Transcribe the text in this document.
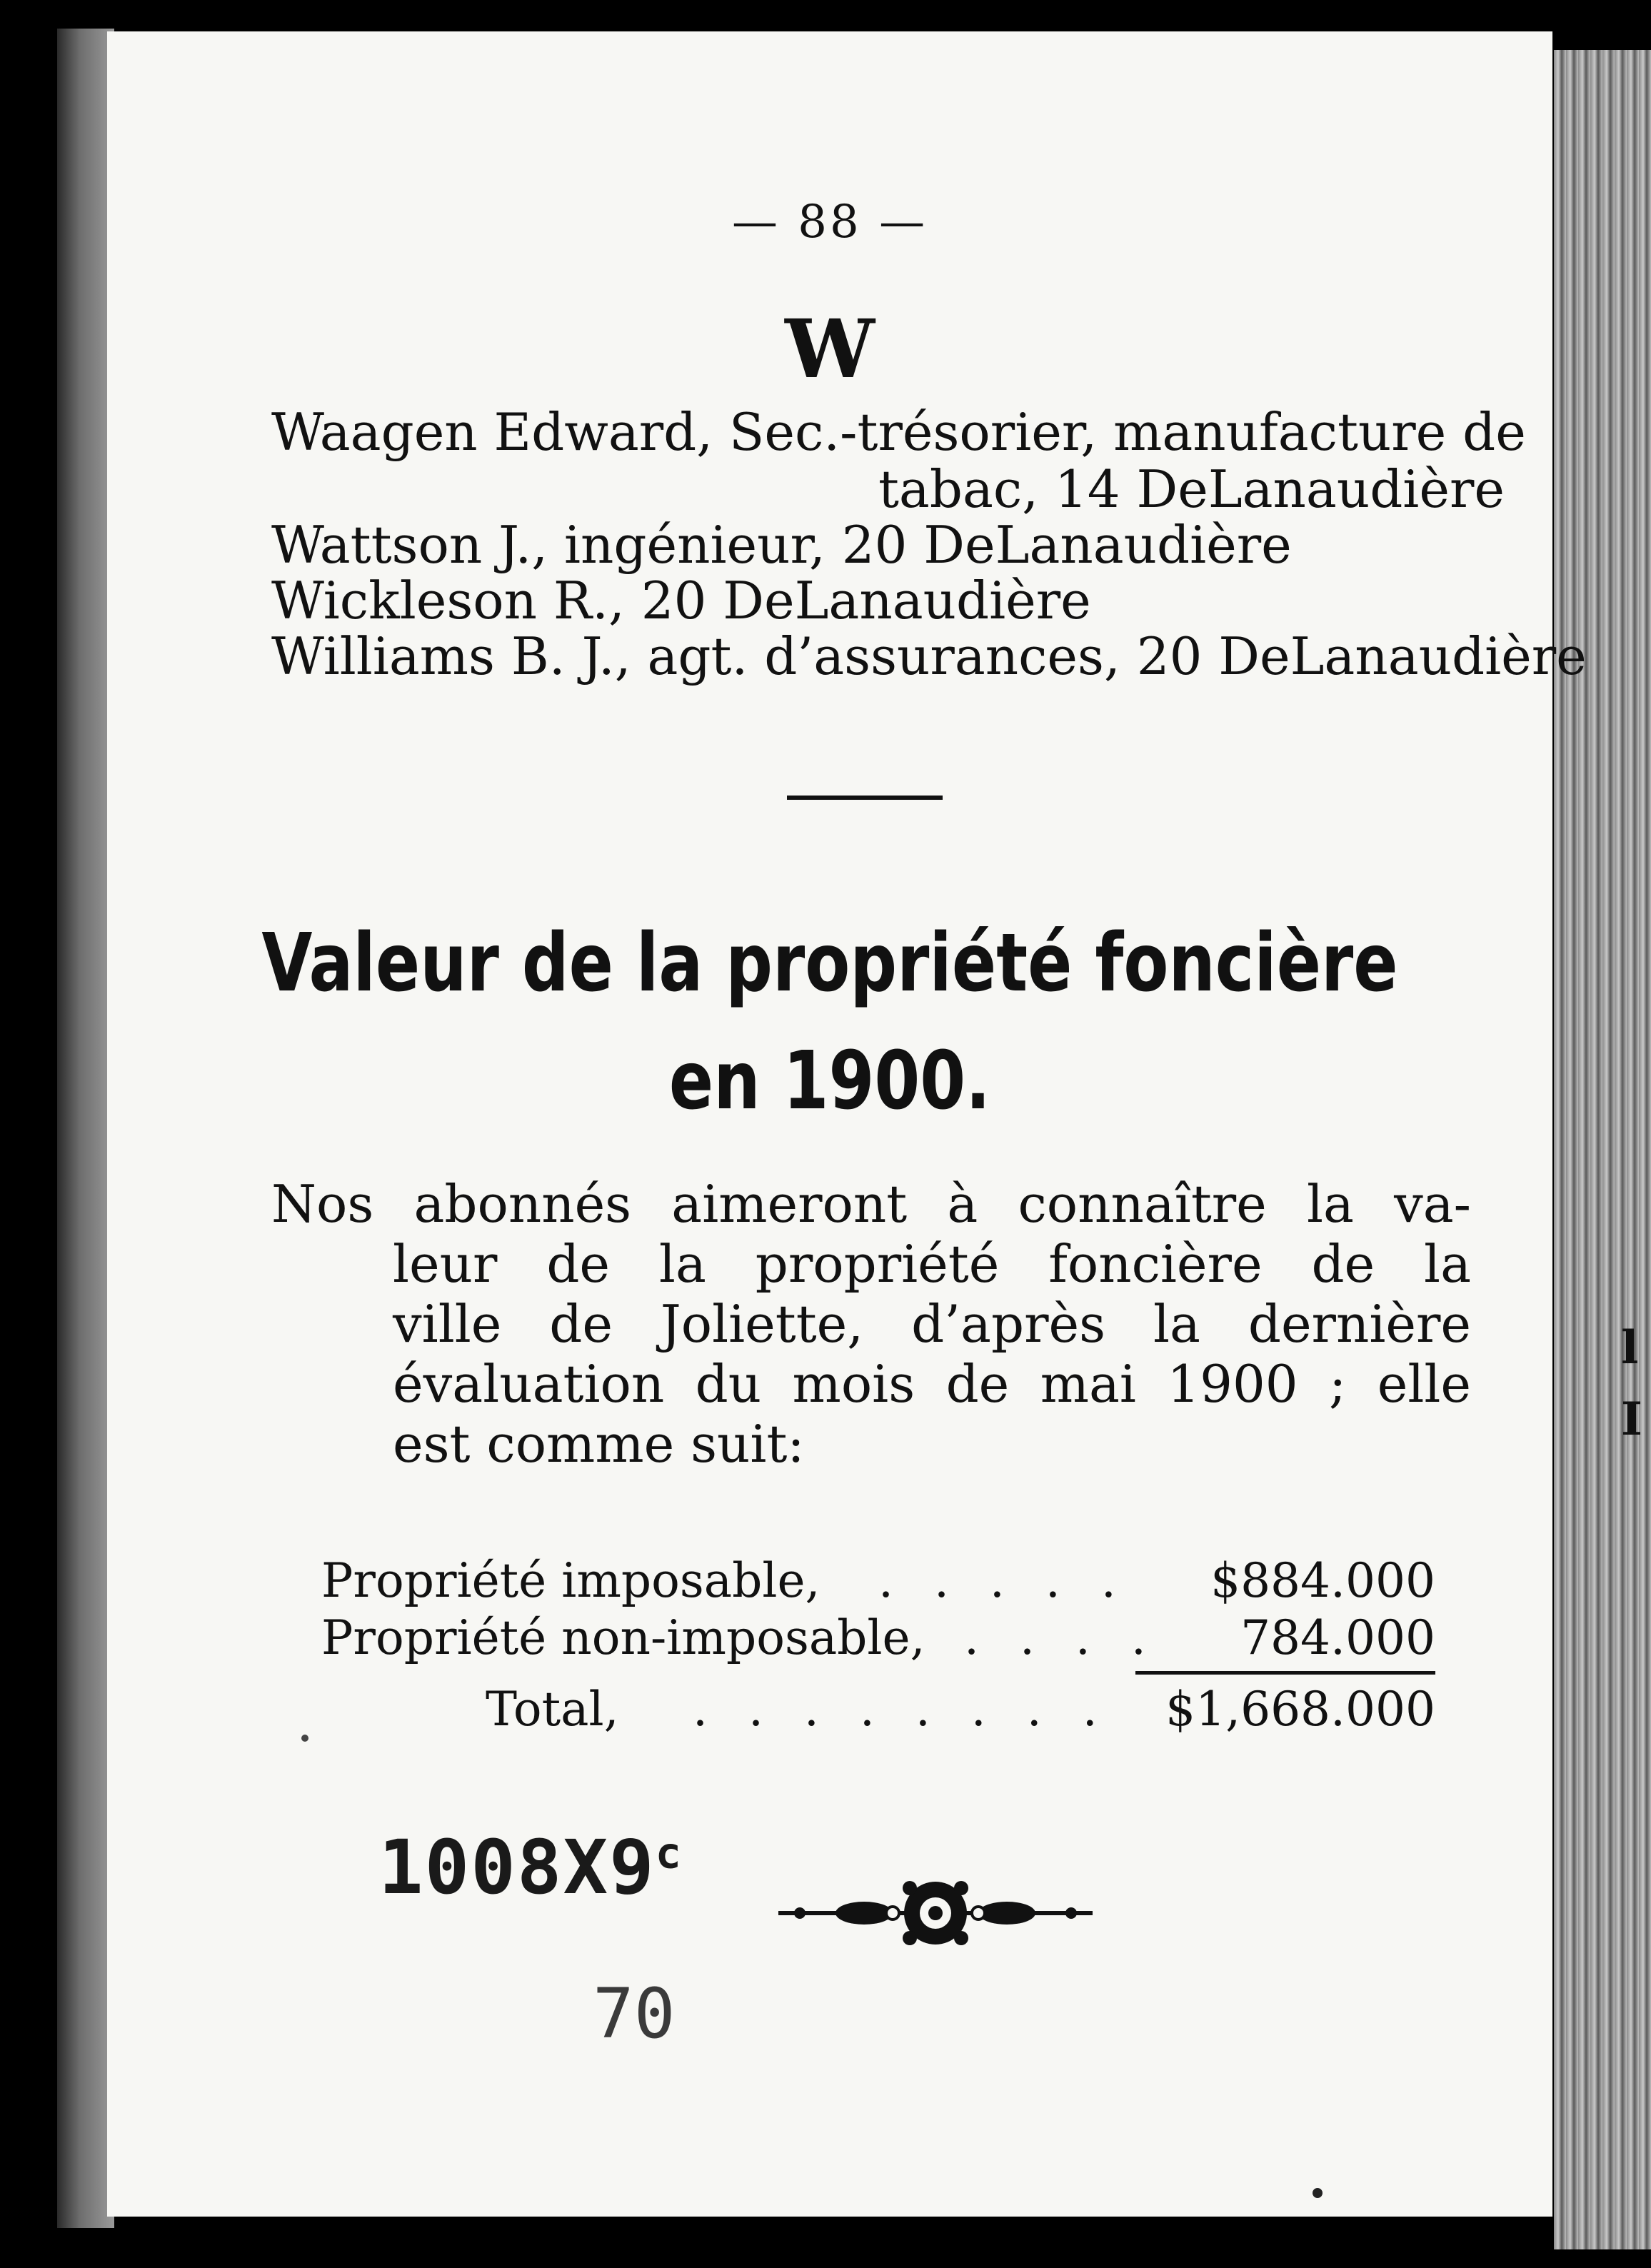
l
I
— 88 —
W
Waagen Edward, Sec.-trésorier, manufacture de
tabac, 14 DeLanaudière
Wattson J., ingénieur, 20 DeLanaudière
Wickleson R., 20 DeLanaudière
Williams B. J., agt. d’assurances, 20 DeLanaudière
Valeur de la propriété foncière
en 1900.
Nos abonnés aimeront à connaître la va-
leur de la propriété foncière de la
ville de Joliette, d’après la dernière
évaluation du mois de mai 1900 ; elle
est comme suit:
Propriété imposable, . . . . . $884.000
Propriété non-imposable, . . . . 784.000
Total, . . . . . . . . $1,668.000
1008X9$^c$
70
